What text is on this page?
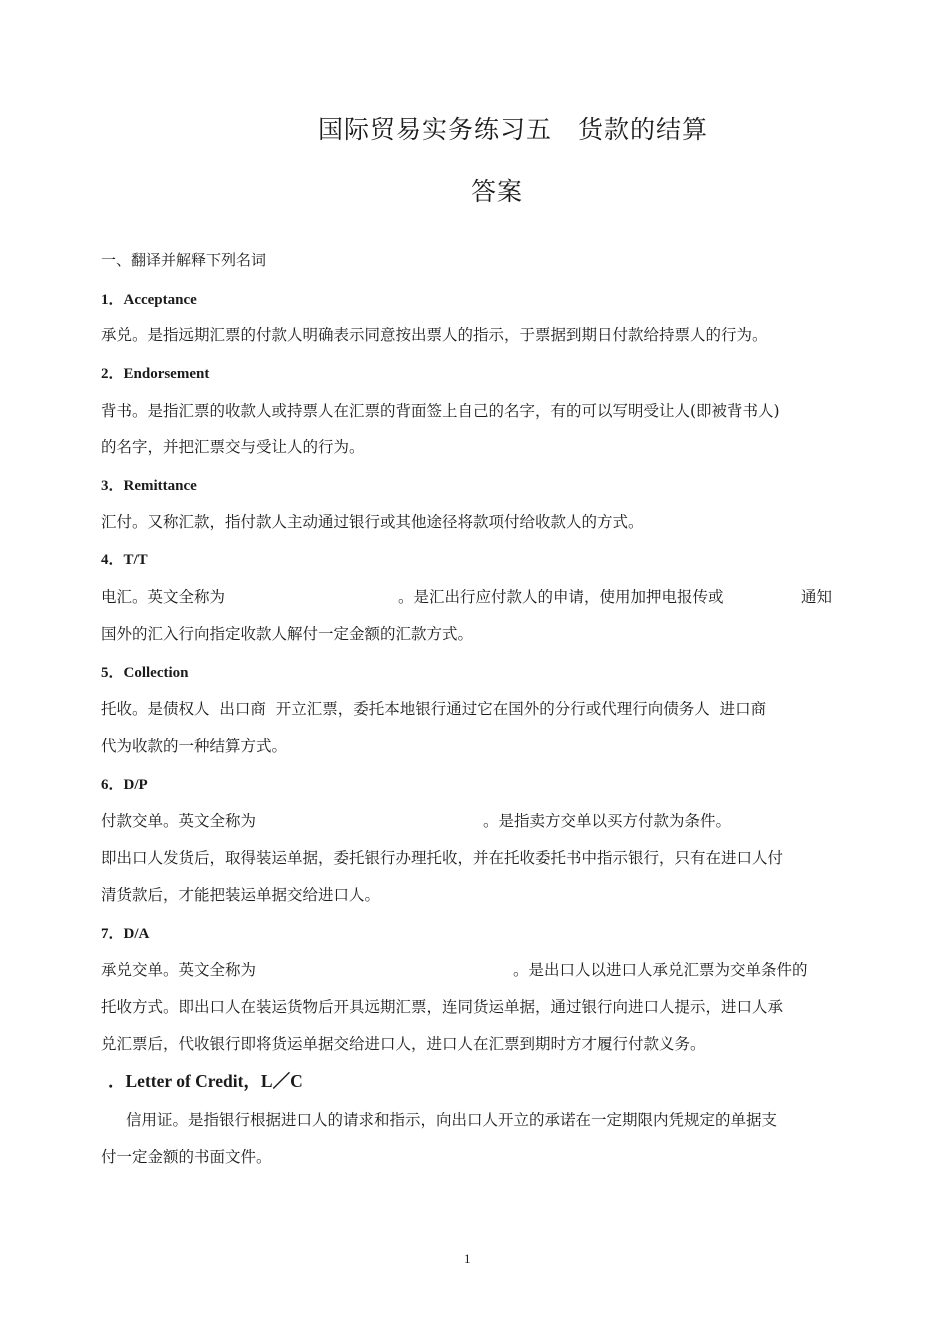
国际贸易实务练习五　货款的结算
答案
一、翻译并解释下列名词
1．Acceptance
承兑。是指远期汇票的付款人明确表示同意按出票人的指示，于票据到期日付款给持票人的行为。
2．Endorsement
背书。是指汇票的收款人或持票人在汇票的背面签上自己的名字，有的可以写明受让人(即被背书人)
的名字，并把汇票交与受让人的行为。
3．Remittance
汇付。又称汇款，指付款人主动通过银行或其他途径将款项付给收款人的方式。
4．T/T
电汇。英文全称为	。是汇出行应付款人的申请，使用加押电报传或	通知
国外的汇入行向指定收款人解付一定金额的汇款方式。
5．Collection
托收。是债权人  出口商  开立汇票，委托本地银行通过它在国外的分行或代理行向债务人  进口商
代为收款的一种结算方式。
6．D/P
付款交单。英文全称为	。是指卖方交单以买方付款为条件。
即出口人发货后，取得装运单据，委托银行办理托收，并在托收委托书中指示银行，只有在进口人付
清货款后，才能把装运单据交给进口人。
7．D/A
承兑交单。英文全称为	。是出口人以进口人承兑汇票为交单条件的
托收方式。即出口人在装运货物后开具远期汇票，连同货运单据，通过银行向进口人提示，进口人承
兑汇票后，代收银行即将货运单据交给进口人，进口人在汇票到期时方才履行付款义务。
．Letter of Credit，L／C
信用证。是指银行根据进口人的请求和指示，向出口人开立的承诺在一定期限内凭规定的单据支
付一定金额的书面文件。
1
